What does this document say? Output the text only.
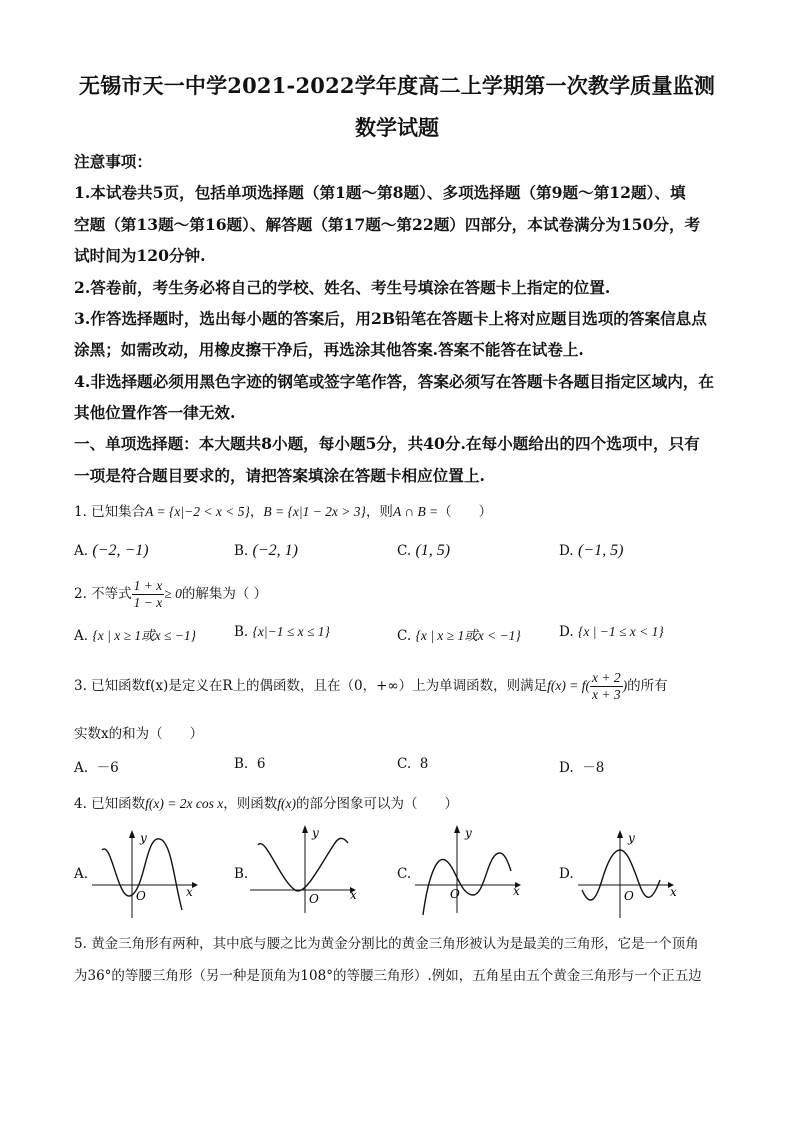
无锡市天一中学2021-2022学年度高二上学期第一次教学质量监测
数学试题
注意事项：
1.本试卷共5页，包括单项选择题（第1题～第8题）、多项选择题（第9题～第12题）、填
空题（第13题～第16题）、解答题（第17题～第22题）四部分，本试卷满分为150分，考
试时间为120分钟.
2.答卷前，考生务必将自己的学校、姓名、考生号填涂在答题卡上指定的位置.
3.作答选择题时，选出每小题的答案后，用2B铅笔在答题卡上将对应题目选项的答案信息点
涂黑；如需改动，用橡皮擦干净后，再选涂其他答案.答案不能答在试卷上.
4.非选择题必须用黑色字迹的钢笔或签字笔作答，答案必须写在答题卡各题目指定区域内，在
其他位置作答一律无效.
一、单项选择题：本大题共8小题，每小题5分，共40分.在每小题给出的四个选项中，只有
一项是符合题目要求的，请把答案填涂在答题卡相应位置上.
1. 已知集合A = {x|−2 < x < 5}，B = {x|1 − 2x > 3}，则A ∩ B =（　　）
A. (−2, −1)	B. (−2, 1)	C. (1, 5)	D. (−1, 5)
2. 不等式 $\frac{1 + x}{1 - x} \ge 0$的解集为（ ）
A. {x | x ≥ 1或x ≤ −1}	B. {x|−1 ≤ x ≤ 1}	C. {x | x ≥ 1或x < −1}	D. {x | −1 ≤ x < 1}
3. 已知函数f(x)是定义在R上的偶函数，且在（0，+∞）上为单调函数，则满足$f(x) = f( \frac{x + 2}{x + 3}$ )的所有
实数x的和为（　　）
A. －6	B. 6	C. 8	D. －8
4. 已知函数f(x) = 2x cos x，则函数f(x)的部分图象可以为（　　）
A.
y
x
O
B.
y
x
O
C.
y
x
O
D.
y
x
O
5. 黄金三角形有两种，其中底与腰之比为黄金分割比的黄金三角形被认为是最美的三角形，它是一个顶角
为36°的等腰三角形（另一种是顶角为108°的等腰三角形）.例如，五角星由五个黄金三角形与一个正五边
